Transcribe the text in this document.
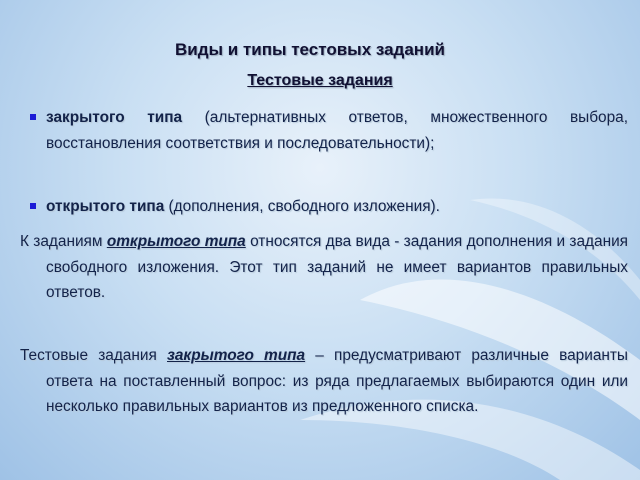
Виды и типы тестовых заданий
Тестовые задания
закрытого типа (альтернативных ответов, множественного выбора, восстановления соответствия и последовательности);
открытого типа (дополнения, свободного изложения).
К заданиям открытого типа относятся два вида - задания дополнения и задания свободного изложения. Этот тип заданий не имеет вариантов правильных ответов.
Тестовые задания закрытого типа – предусматривают различные варианты ответа на поставленный вопрос: из ряда предлагаемых выбираются один или несколько правильных вариантов из предложенного списка.
